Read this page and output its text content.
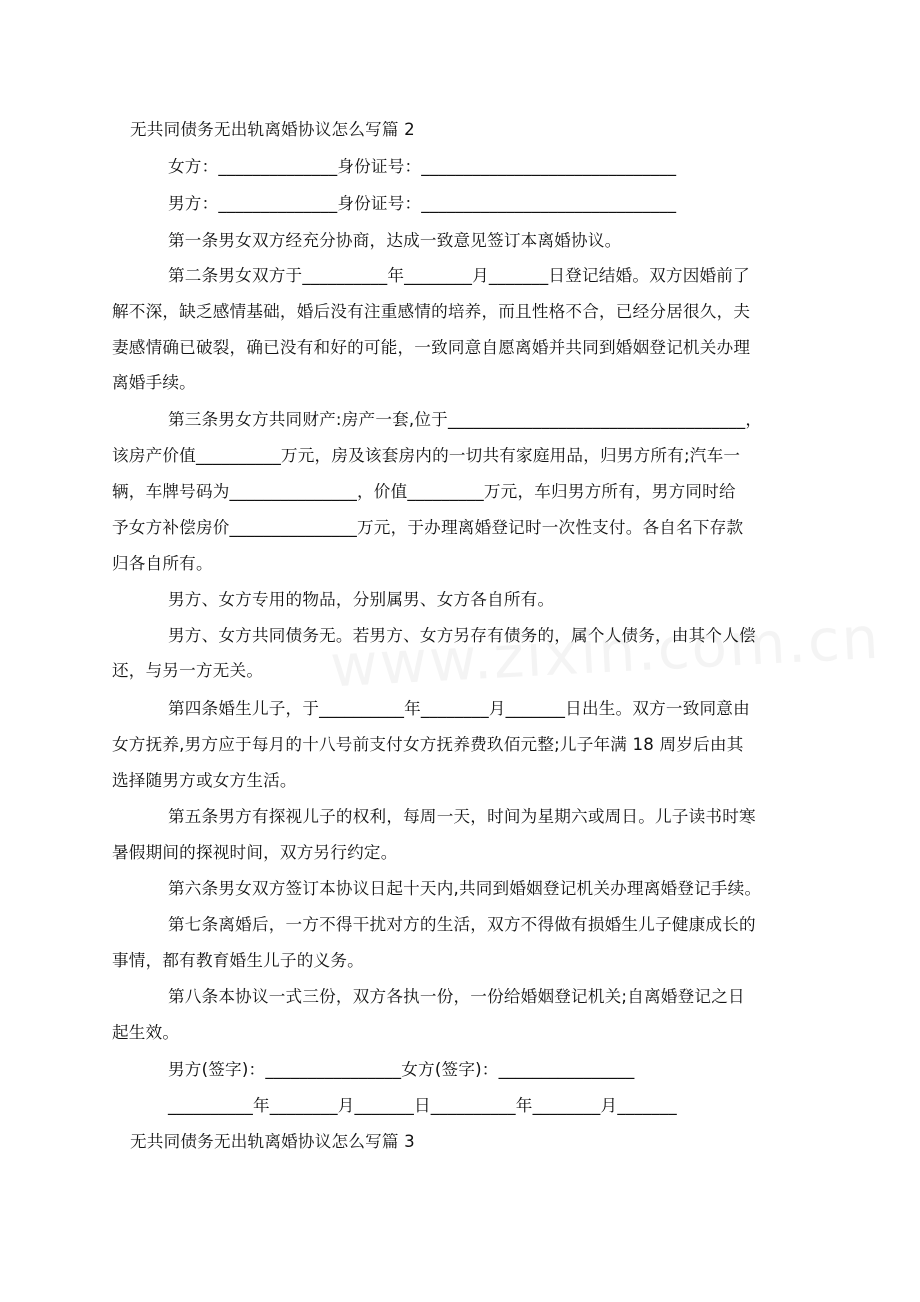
无共同债务无出轨离婚协议怎么写篇 2
女方：______________身份证号：______________________________
男方：______________身份证号：______________________________
第一条男女双方经充分协商，达成一致意见签订本离婚协议。
第二条男女双方于__________年________月_______日登记结婚。双方因婚前了
解不深，缺乏感情基础，婚后没有注重感情的培养，而且性格不合，已经分居很久，夫
妻感情确已破裂，确已没有和好的可能，一致同意自愿离婚并共同到婚姻登记机关办理
离婚手续。
第三条男女方共同财产:房产一套,位于___________________________________，
该房产价值__________万元，房及该套房内的一切共有家庭用品，归男方所有;汽车一
辆，车牌号码为_______________，价值_________万元，车归男方所有，男方同时给
予女方补偿房价_______________万元，于办理离婚登记时一次性支付。各自名下存款
归各自所有。
男方、女方专用的物品，分别属男、女方各自所有。
男方、女方共同债务无。若男方、女方另存有债务的，属个人债务，由其个人偿
还，与另一方无关。
第四条婚生儿子，于__________年________月_______日出生。双方一致同意由
女方抚养,男方应于每月的十八号前支付女方抚养费玖佰元整;儿子年满 18 周岁后由其
选择随男方或女方生活。
第五条男方有探视儿子的权利，每周一天，时间为星期六或周日。儿子读书时寒
暑假期间的探视时间，双方另行约定。
第六条男女双方签订本协议日起十天内,共同到婚姻登记机关办理离婚登记手续。
第七条离婚后，一方不得干扰对方的生活，双方不得做有损婚生儿子健康成长的
事情，都有教育婚生儿子的义务。
第八条本协议一式三份，双方各执一份，一份给婚姻登记机关;自离婚登记之日
起生效。
男方(签字)：________________女方(签字)：________________
__________年________月_______日__________年________月_______
无共同债务无出轨离婚协议怎么写篇 3
